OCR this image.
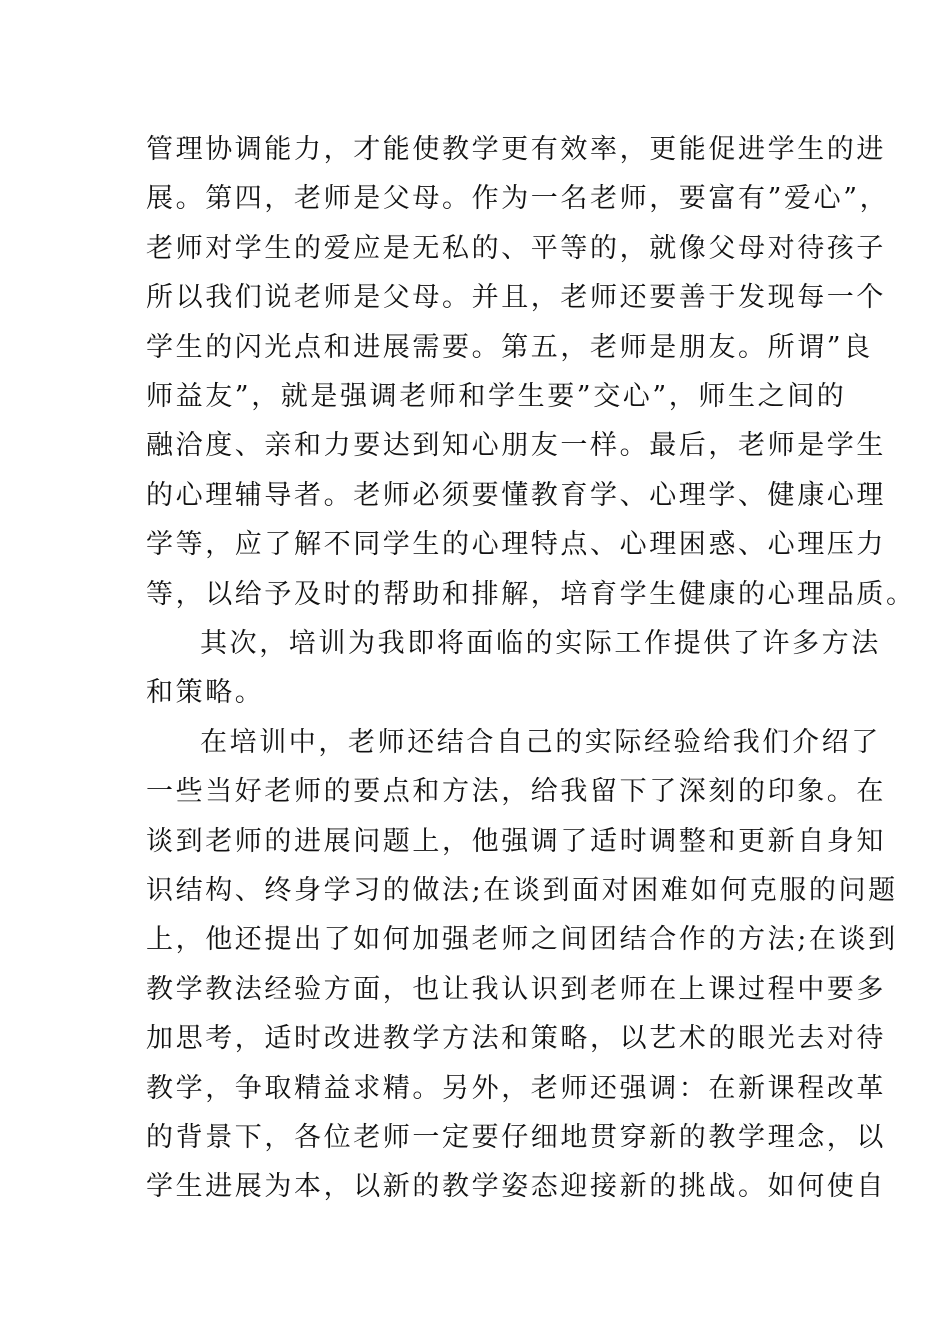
管理协调能力，才能使教学更有效率，更能促进学生的进
展。第四，老师是父母。作为一名老师，要富有”爱心”，
老师对学生的爱应是无私的、平等的，就像父母对待孩子
所以我们说老师是父母。并且，老师还要善于发现每一个
学生的闪光点和进展需要。第五，老师是朋友。所谓”良
师益友”，就是强调老师和学生要”交心”，师生之间的
融洽度、亲和力要达到知心朋友一样。最后，老师是学生
的心理辅导者。老师必须要懂教育学、心理学、健康心理
学等，应了解不同学生的心理特点、心理困惑、心理压力
等，以给予及时的帮助和排解，培育学生健康的心理品质。
其次，培训为我即将面临的实际工作提供了许多方法
和策略。
在培训中，老师还结合自己的实际经验给我们介绍了
一些当好老师的要点和方法，给我留下了深刻的印象。在
谈到老师的进展问题上，他强调了适时调整和更新自身知
识结构、终身学习的做法;在谈到面对困难如何克服的问题
上，他还提出了如何加强老师之间团结合作的方法;在谈到
教学教法经验方面，也让我认识到老师在上课过程中要多
加思考，适时改进教学方法和策略，以艺术的眼光去对待
教学，争取精益求精。另外，老师还强调：在新课程改革
的背景下，各位老师一定要仔细地贯穿新的教学理念，以
学生进展为本，以新的教学姿态迎接新的挑战。如何使自
